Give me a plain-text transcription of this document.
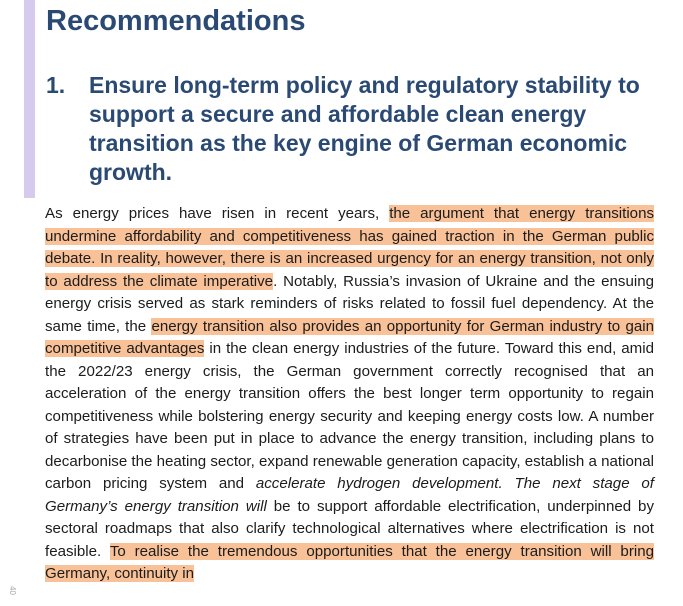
Recommendations
1. Ensure long-term policy and regulatory stability to support a secure and affordable clean energy transition as the key engine of German economic growth.

As energy prices have risen in recent years, the argument that energy transitions undermine affordability and competitiveness has gained traction in the German public debate. In reality, however, there is an increased urgency for an energy transition, not only to address the climate imperative. Notably, Russia’s invasion of Ukraine and the ensuing energy crisis served as stark reminders of risks related to fossil fuel dependency. At the same time, the energy transition also provides an opportunity for German industry to gain competitive advantages in the clean energy industries of the future. Toward this end, amid the 2022/23 energy crisis, the German government correctly recognised that an acceleration of the energy transition offers the best longer term opportunity to regain competitiveness while bolstering energy security and keeping energy costs low. A number of strategies have been put in place to advance the energy transition, including plans to decarbonise the heating sector, expand renewable generation capacity, establish a national carbon pricing system and accelerate hydrogen development. The next stage of Germany’s energy transition will be to support affordable electrification, underpinned by sectoral roadmaps that also clarify technological alternatives where electrification is not feasible. To realise the tremendous opportunities that the energy transition will bring Germany, continuity in

40
